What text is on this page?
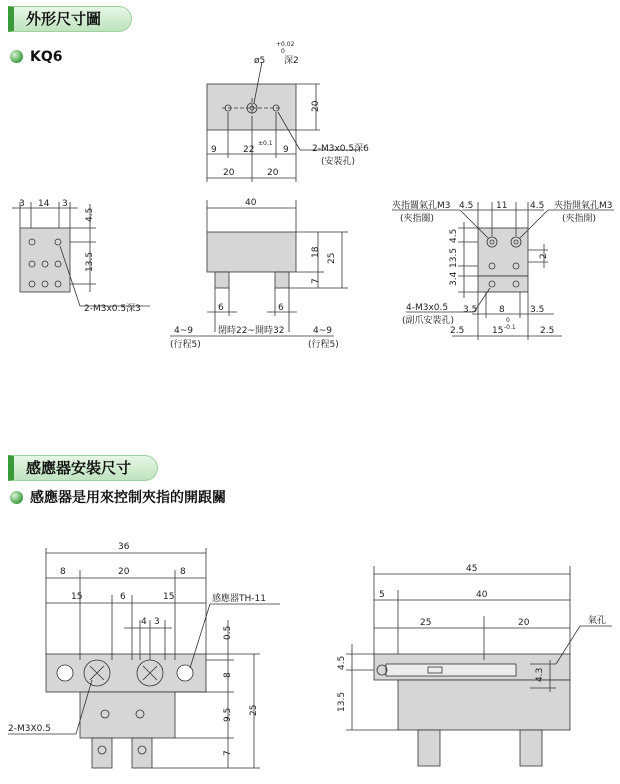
外形尺寸圖
KQ6
感應器安裝尺寸
感應器是用來控制夾指的開跟關
ø5
+0.02
0
深2
20
9	22	9
±0.1
20	20
2-M3x0.5深6
(安裝孔)
3 14 3
4.5
13.5
2-M3x0.5深3
40
18
25
7
6	6
4~9
(行程5)
閉時22~開時32	4~9
(行程5)
4.5	11	4.5
夾指關氣孔M3
(夾指關)
夾指開氣孔M3
(夾指開)
4.5
13.5
3.4
2
3.5 8	3.5
4-M3x0.5
(副爪安裝孔)
2.5	15
0
-0.1	2.5
36
8	20	8
15	6	15	感應器TH-11
4 3
0.5
8
9.5
7
25
2-M3X0.5
45
5	40
25	20	氣孔
4.5
13.5
4.3
